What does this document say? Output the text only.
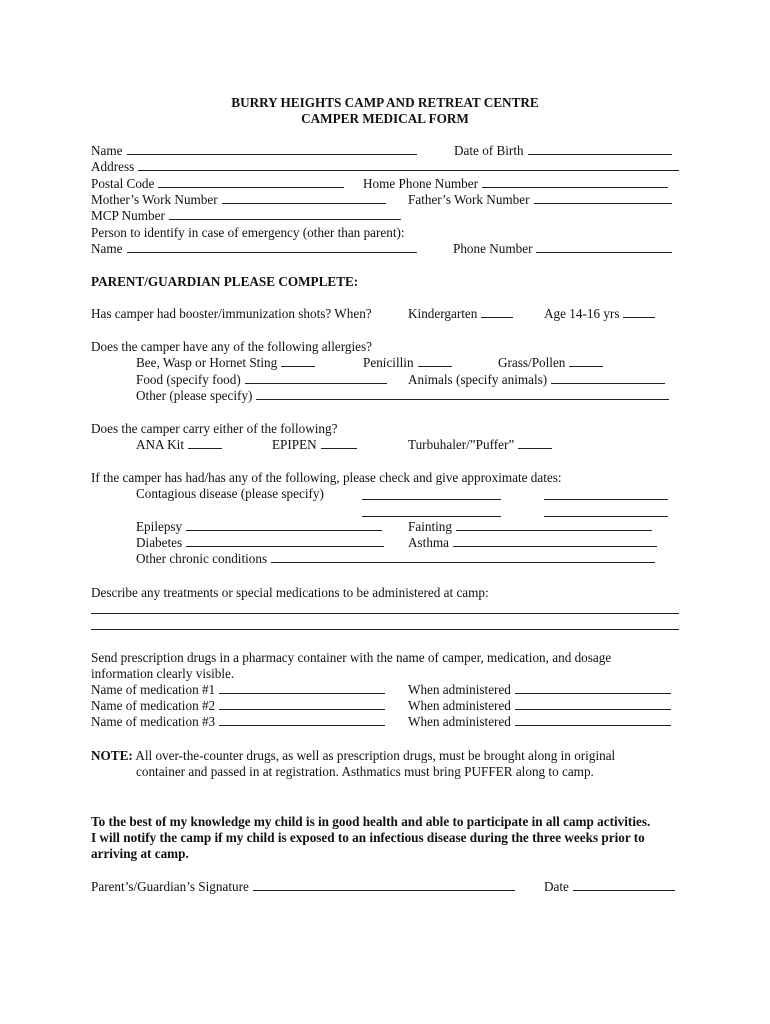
BURRY HEIGHTS CAMP AND RETREAT CENTRE
CAMPER MEDICAL FORM
Name	Date of Birth
Address
Postal Code	Home Phone Number
Mother’s Work Number	Father’s Work Number
MCP Number
Person to identify in case of emergency (other than parent):
Name	Phone Number
PARENT/GUARDIAN PLEASE COMPLETE:
Has camper had booster/immunization shots? When?	Kindergarten	Age 14-16 yrs
Does the camper have any of the following allergies?
Bee, Wasp or Hornet Sting	Penicillin	Grass/Pollen
Food (specify food)	Animals (specify animals)
Other (please specify)
Does the camper carry either of the following?
ANA Kit	EPIPEN	Turbuhaler/”Puffer”
If the camper has had/has any of the following, please check and give approximate dates:
Contagious disease (please specify)
Epilepsy	Fainting
Diabetes	Asthma
Other chronic conditions
Describe any treatments or special medications to be administered at camp:
Send prescription drugs in a pharmacy container with the name of camper, medication, and dosage
information clearly visible.
Name of medication #1	When administered
Name of medication #2	When administered
Name of medication #3	When administered
NOTE: All over-the-counter drugs, as well as prescription drugs, must be brought along in original
container and passed in at registration. Asthmatics must bring PUFFER along to camp.
To the best of my knowledge my child is in good health and able to participate in all camp activities.
I will notify the camp if my child is exposed to an infectious disease during the three weeks prior to
arriving at camp.
Parent’s/Guardian’s Signature	Date
